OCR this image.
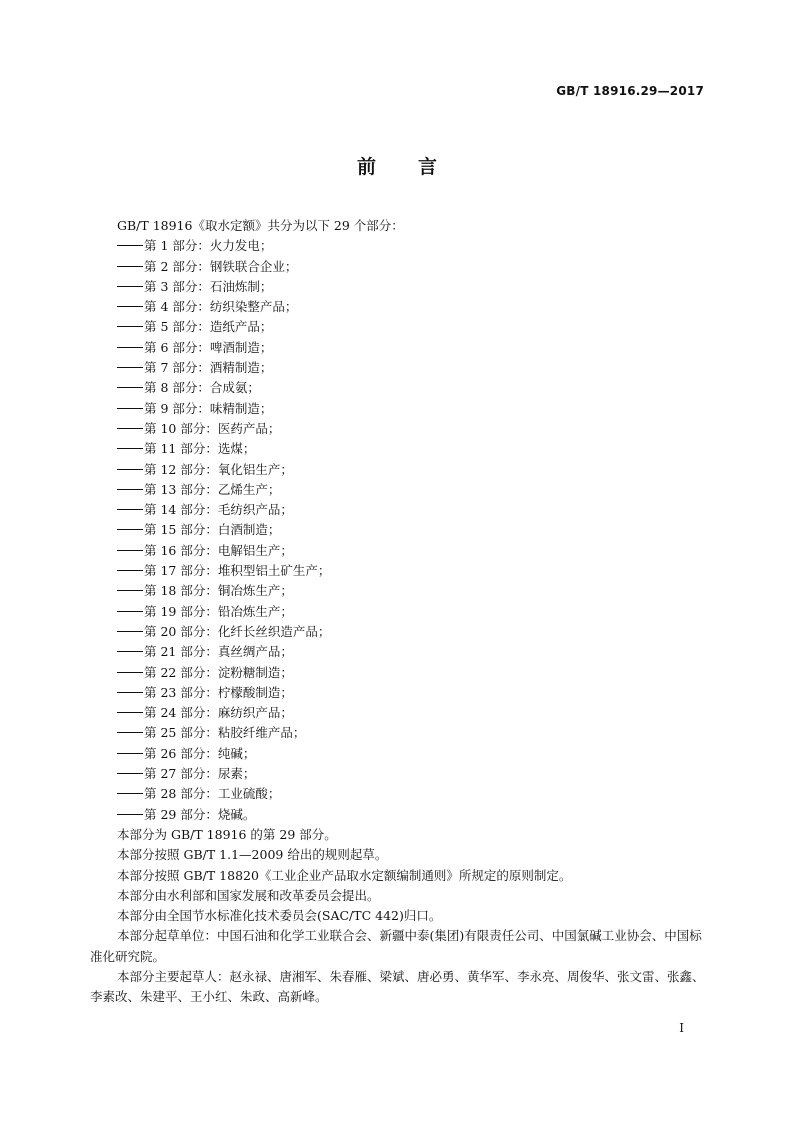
GB/T 18916.29—2017
前言
GB/T 18916《取水定额》共分为以下 29 个部分：
第 1 部分：火力发电；
第 2 部分：钢铁联合企业；
第 3 部分：石油炼制；
第 4 部分：纺织染整产品；
第 5 部分：造纸产品；
第 6 部分：啤酒制造；
第 7 部分：酒精制造；
第 8 部分：合成氨；
第 9 部分：味精制造；
第 10 部分：医药产品；
第 11 部分：选煤；
第 12 部分：氧化铝生产；
第 13 部分：乙烯生产；
第 14 部分：毛纺织产品；
第 15 部分：白酒制造；
第 16 部分：电解铝生产；
第 17 部分：堆积型铝土矿生产；
第 18 部分：铜冶炼生产；
第 19 部分：铅冶炼生产；
第 20 部分：化纤长丝织造产品；
第 21 部分：真丝绸产品；
第 22 部分：淀粉糖制造；
第 23 部分：柠檬酸制造；
第 24 部分：麻纺织产品；
第 25 部分：粘胶纤维产品；
第 26 部分：纯碱；
第 27 部分：尿素；
第 28 部分：工业硫酸；
第 29 部分：烧碱。
本部分为 GB/T 18916 的第 29 部分。
本部分按照 GB/T 1.1—2009 给出的规则起草。
本部分按照 GB/T 18820《工业企业产品取水定额编制通则》所规定的原则制定。
本部分由水利部和国家发展和改革委员会提出。
本部分由全国节水标准化技术委员会(SAC/TC 442)归口。
本部分起草单位：中国石油和化学工业联合会、新疆中泰(集团)有限责任公司、中国氯碱工业协会、中国标准化研究院。
本部分主要起草人：赵永禄、唐湘军、朱春雁、梁斌、唐必勇、黄华军、李永亮、周俊华、张文雷、张鑫、李素改、朱建平、王小红、朱政、高新峰。
I
